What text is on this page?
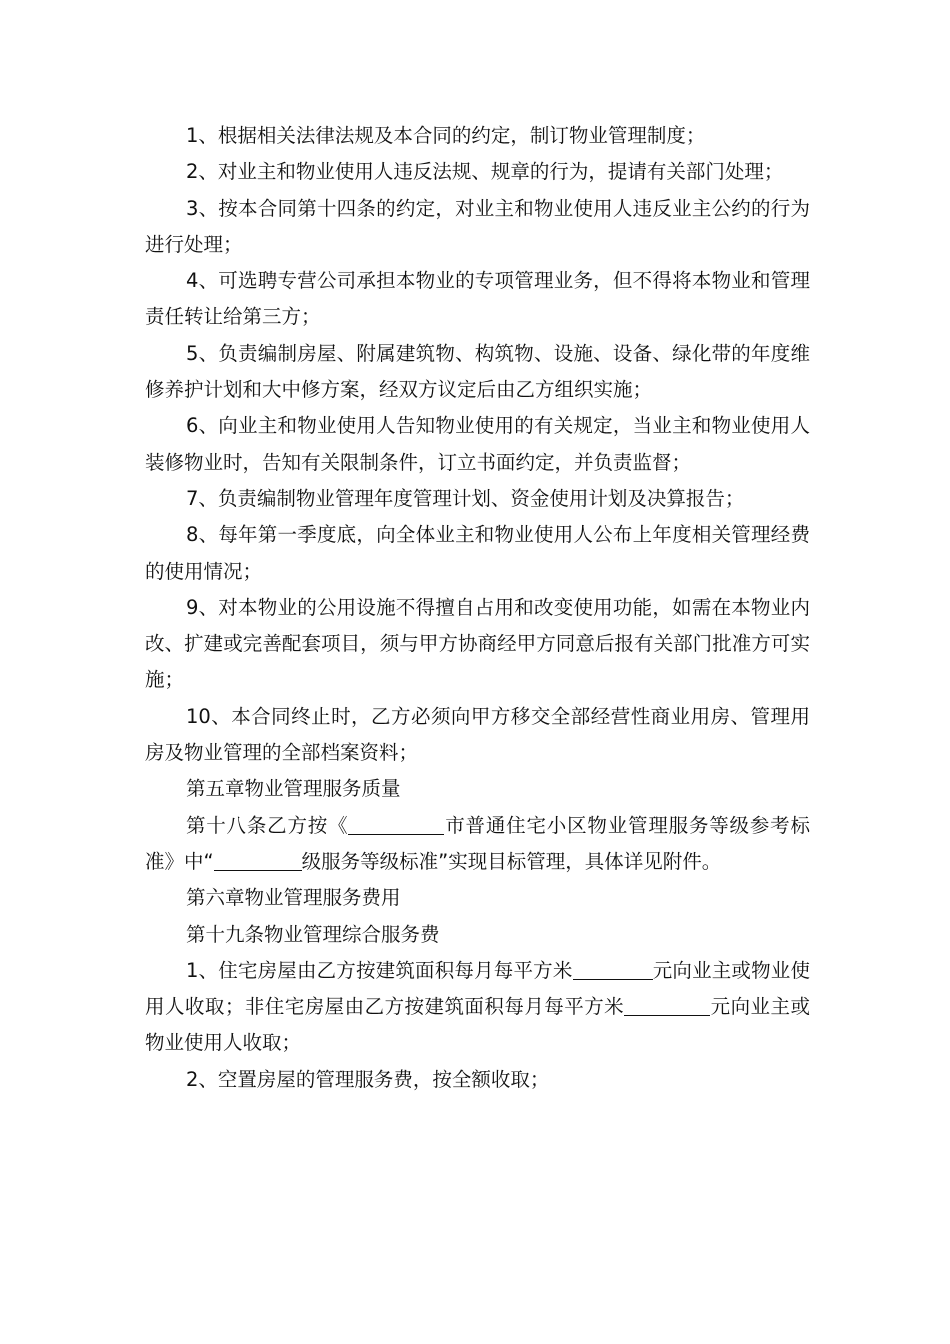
1、根据相关法律法规及本合同的约定，制订物业管理制度；

2、对业主和物业使用人违反法规、规章的行为，提请有关部门处理；

3、按本合同第十四条的约定，对业主和物业使用人违反业主公约的行为进行处理；

4、可选聘专营公司承担本物业的专项管理业务，但不得将本物业和管理责任转让给第三方；

5、负责编制房屋、附属建筑物、构筑物、设施、设备、绿化带的年度维修养护计划和大中修方案，经双方议定后由乙方组织实施；

6、向业主和物业使用人告知物业使用的有关规定，当业主和物业使用人装修物业时，告知有关限制条件，订立书面约定，并负责监督；

7、负责编制物业管理年度管理计划、资金使用计划及决算报告；

8、每年第一季度底，向全体业主和物业使用人公布上年度相关管理经费的使用情况；

9、对本物业的公用设施不得擅自占用和改变使用功能，如需在本物业内改、扩建或完善配套项目，须与甲方协商经甲方同意后报有关部门批准方可实施；

10、本合同终止时，乙方必须向甲方移交全部经营性商业用房、管理用房及物业管理的全部档案资料；

第五章物业管理服务质量

第十八条乙方按《	市普通住宅小区物业管理服务等级参考标准》中“	级服务等级标准”实现目标管理，具体详见附件。

第六章物业管理服务费用

第十九条物业管理综合服务费

1、住宅房屋由乙方按建筑面积每月每平方米	元向业主或物业使用人收取；非住宅房屋由乙方按建筑面积每月每平方米	元向业主或物业使用人收取；

2、空置房屋的管理服务费，按全额收取；
